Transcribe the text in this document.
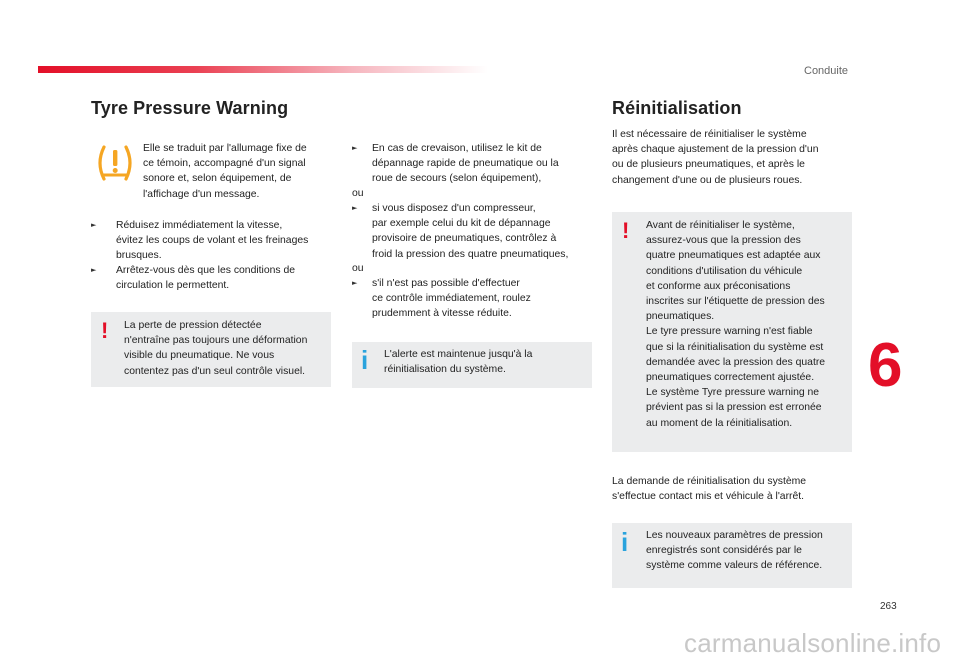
Conduite
Tyre Pressure Warning
Elle se traduit par l'allumage fixe de
ce témoin, accompagné d'un signal
sonore et, selon équipement, de
l'affichage d'un message.
► Réduisez immédiatement la vitesse,
évitez les coups de volant et les freinages
brusques.
► Arrêtez-vous dès que les conditions de
circulation le permettent.
! La perte de pression détectée
n'entraîne pas toujours une déformation
visible du pneumatique. Ne vous
contentez pas d'un seul contrôle visuel.
► En cas de crevaison, utilisez le kit de
dépannage rapide de pneumatique ou la
roue de secours (selon équipement),
ou
► si vous disposez d'un compresseur,
par exemple celui du kit de dépannage
provisoire de pneumatiques, contrôlez à
froid la pression des quatre pneumatiques,
ou
► s'il n'est pas possible d'effectuer
ce contrôle immédiatement, roulez
prudemment à vitesse réduite.
i L'alerte est maintenue jusqu'à la
réinitialisation du système.
Réinitialisation
Il est nécessaire de réinitialiser le système
après chaque ajustement de la pression d'un
ou de plusieurs pneumatiques, et après le
changement d'une ou de plusieurs roues.
! Avant de réinitialiser le système,
assurez-vous que la pression des
quatre pneumatiques est adaptée aux
conditions d'utilisation du véhicule
et conforme aux préconisations
inscrites sur l'étiquette de pression des
pneumatiques.
Le tyre pressure warning n'est fiable
que si la réinitialisation du système est
demandée avec la pression des quatre
pneumatiques correctement ajustée.
Le système Tyre pressure warning ne
prévient pas si la pression est erronée
au moment de la réinitialisation.
La demande de réinitialisation du système
s'effectue contact mis et véhicule à l'arrêt.
i Les nouveaux paramètres de pression
enregistrés sont considérés par le
système comme valeurs de référence.
6
263
carmanualsonline.info
